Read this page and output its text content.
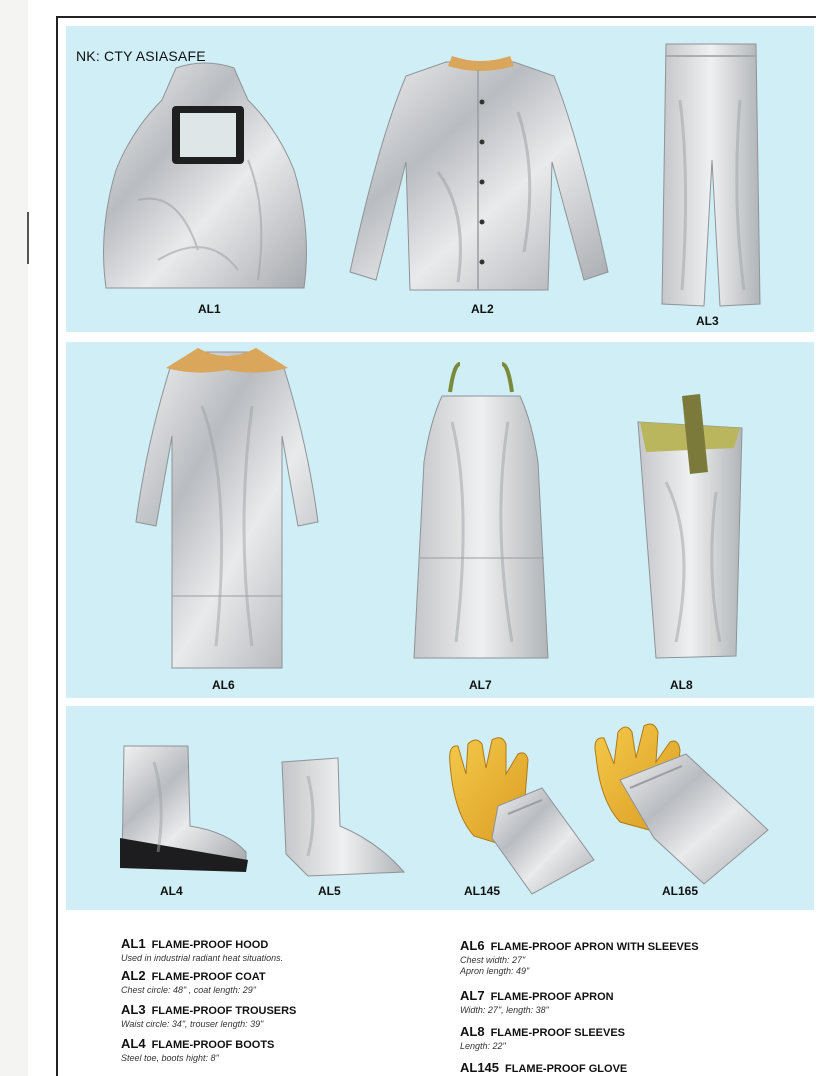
NK: CTY ASIASAFE
AL1	AL2
AL3
AL6	AL7	AL8
AL4	AL5	AL145	AL165
AL1 FLAME-PROOF HOOD
Used in industrial radiant heat situations.
AL2 FLAME-PROOF COAT
Chest circle: 48" , coat length: 29"
AL3 FLAME-PROOF TROUSERS
Waist circle: 34", trouser length: 39"
AL4 FLAME-PROOF BOOTS
Steel toe, boots hight: 8"
AL6 FLAME-PROOF APRON WITH SLEEVES
Chest width: 27"
Apron length: 49"
AL7 FLAME-PROOF APRON
Width: 27", length: 38"
AL8 FLAME-PROOF SLEEVES
Length: 22"
AL145 FLAME-PROOF GLOVE
